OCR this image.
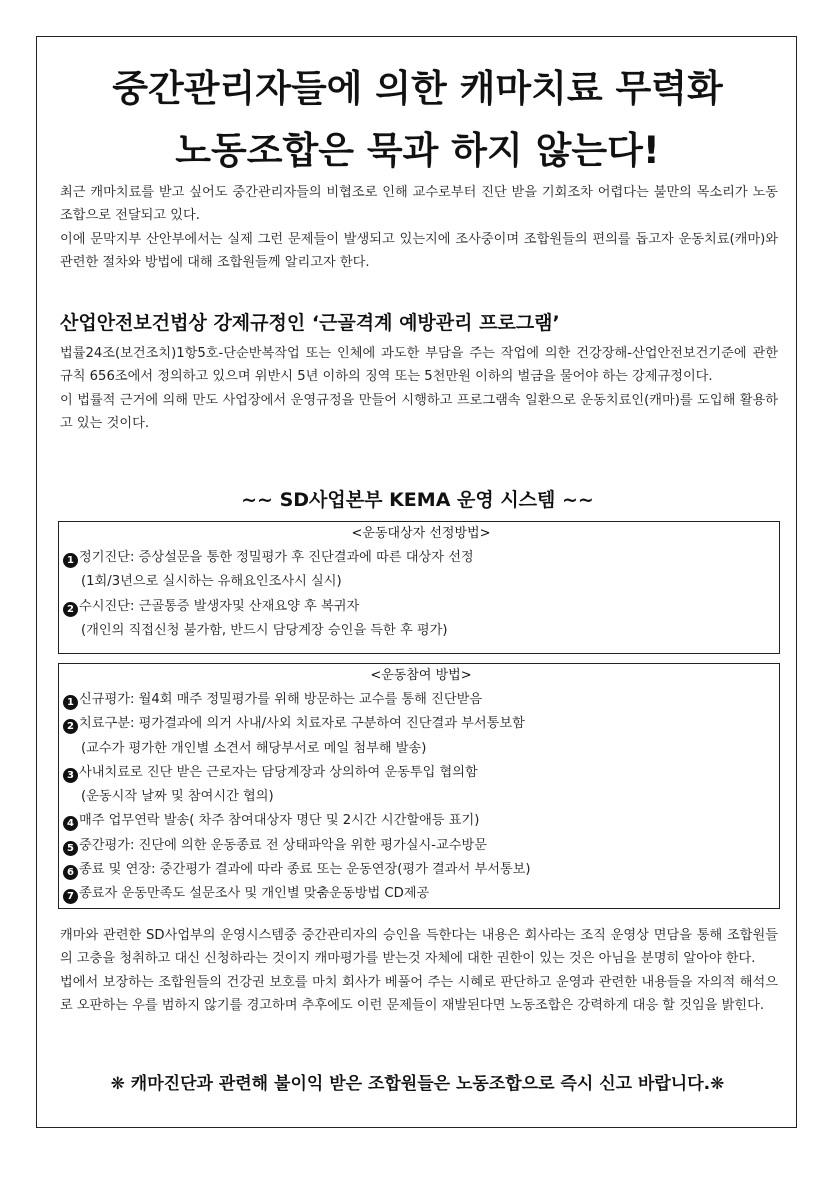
중간관리자들에 의한 캐마치료 무력화
노동조합은 묵과 하지 않는다!

최근 캐마치료를 받고 싶어도 중간관리자들의 비협조로 인해 교수로부터 진단 받을 기회조차 어렵다는 불만의 목소리가 노동조합으로 전달되고 있다.

이에 문막지부 산안부에서는 실제 그런 문제들이 발생되고 있는지에 조사중이며 조합원들의 편의를 돕고자 운동치료(캐마)와 관련한 절차와 방법에 대해 조합원들께 알리고자 한다.

산업안전보건법상 강제규정인 ‘근골격계 예방관리 프로그램’

법률24조(보건조치)1항5호-단순반복작업 또는 인체에 과도한 부담을 주는 작업에 의한 건강장해-산업안전보건기준에 관한 규칙 656조에서 정의하고 있으며 위반시 5년 이하의 징역 또는 5천만원 이하의 벌금을 물어야 하는 강제규정이다.

이 법률적 근거에 의해 만도 사업장에서 운영규정을 만들어 시행하고 프로그램속 일환으로 운동치료인(캐마)를 도입해 활용하고 있는 것이다.

~~ SD사업본부 KEMA 운영 시스템 ~~
<운동대상자 선정방법>
1 정기진단: 증상설문을 통한 정밀평가 후 진단결과에 따른 대상자 선정
(1회/3년으로 실시하는 유해요인조사시 실시)
2 수시진단: 근골통증 발생자및 산재요양 후 복귀자
(개인의 직접신청 불가함, 반드시 담당계장 승인을 득한 후 평가)
<운동참여 방법>
1 신규평가: 월4회 매주 정밀평가를 위해 방문하는 교수를 통해 진단받음
2 치료구분: 평가결과에 의거 사내/사외 치료자로 구분하여 진단결과 부서통보함
(교수가 평가한 개인별 소견서 해당부서로 메일 첨부해 발송)
3 사내치료로 진단 받은 근로자는 담당계장과 상의하여 운동투입 협의함
(운동시작 날짜 및 참여시간 협의)
4 매주 업무연락 발송( 차주 참여대상자 명단 및 2시간 시간할애등 표기)
5 중간평가: 진단에 의한 운동종료 전 상태파악을 위한 평가실시-교수방문
6 종료 및 연장: 중간평가 결과에 따라 종료 또는 운동연장(평가 결과서 부서통보)
7 종료자 운동만족도 설문조사 및 개인별 맞춤운동방법 CD제공

캐마와 관련한 SD사업부의 운영시스템중 중간관리자의 승인을 득한다는 내용은 회사라는 조직 운영상 면담을 통해 조합원들의 고충을 청취하고 대신 신청하라는 것이지 캐마평가를 받는것 자체에 대한 권한이 있는 것은 아님을 분명히 알아야 한다.

법에서 보장하는 조합원들의 건강권 보호를 마치 회사가 베풀어 주는 시혜로 판단하고 운영과 관련한 내용들을 자의적 해석으로 오판하는 우를 범하지 않기를 경고하며 추후에도 이런 문제들이 재발된다면 노동조합은 강력하게 대응 할 것임을 밝힌다.

❋ 캐마진단과 관련해 불이익 받은 조합원들은 노동조합으로 즉시 신고 바랍니다.❋
